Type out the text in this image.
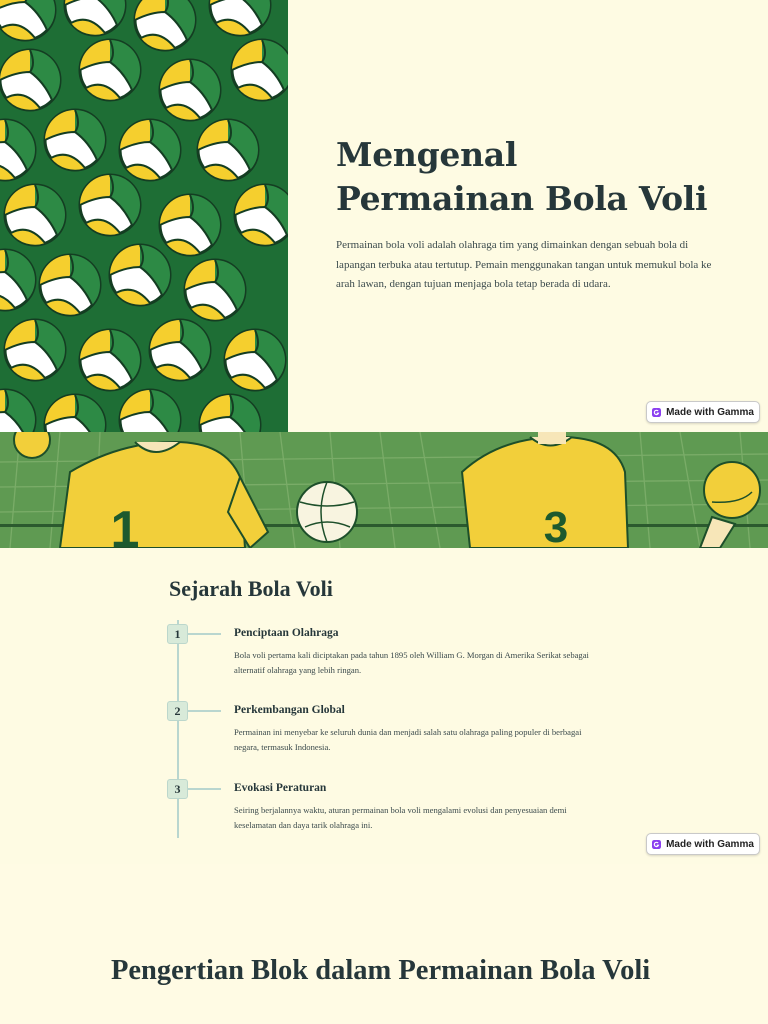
Mengenal Permainan Bola Voli

Permainan bola voli adalah olahraga tim yang dimainkan dengan sebuah bola di lapangan terbuka atau tertutup. Pemain menggunakan tangan untuk memukul bola ke arah lawan, dengan tujuan menjaga bola tetap berada di udara.

Made with Gamma
1	3
Sejarah Bola Voli
1	Penciptaan Olahraga

Bola voli pertama kali diciptakan pada tahun 1895 oleh William G. Morgan di Amerika Serikat sebagai alternatif olahraga yang lebih ringan.

2	Perkembangan Global

Permainan ini menyebar ke seluruh dunia dan menjadi salah satu olahraga paling populer di berbagai negara, termasuk Indonesia.

3	Evokasi Peraturan

Seiring berjalannya waktu, aturan permainan bola voli mengalami evolusi dan penyesuaian demi keselamatan dan daya tarik olahraga ini.

Made with Gamma
Pengertian Blok dalam Permainan Bola Voli
